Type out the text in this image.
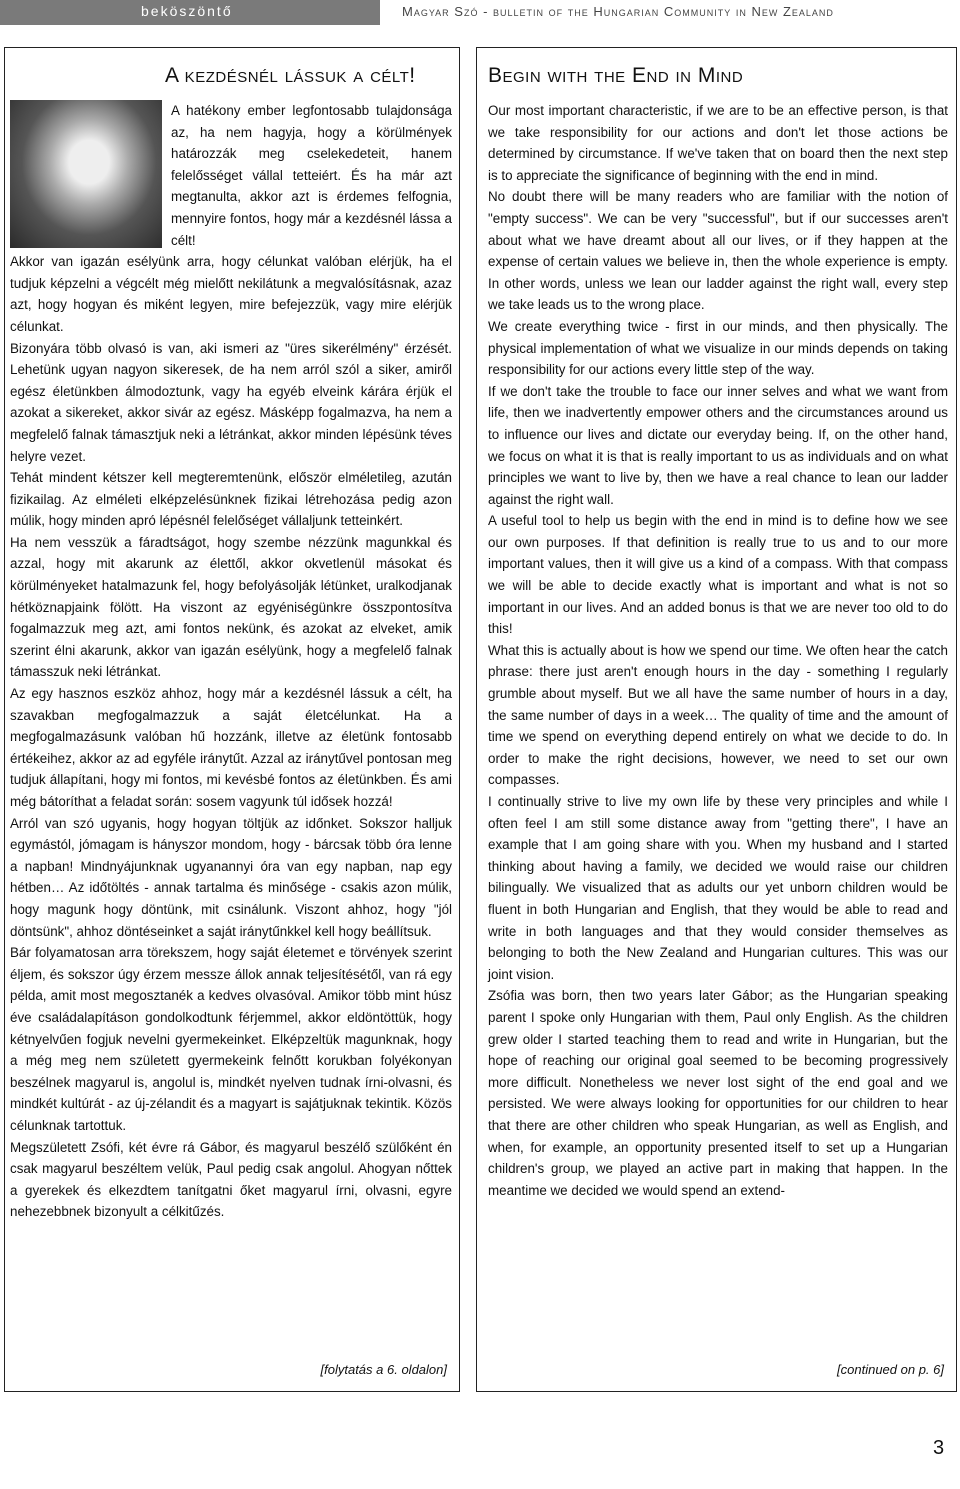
beköszöntő	Magyar Szó - bulletin of the Hungarian Community in New Zealand
A kezdésnél lássuk a célt!

A hatékony ember legfontosabb tulajdonsága az, ha nem hagyja, hogy a körülmények határozzák meg cselekedeteit, hanem felelősséget vállal tetteiért. És ha már azt megtanulta, akkor azt is érdemes felfognia, mennyire fontos, hogy már a kezdésnél lássa a célt!

Akkor van igazán esélyünk arra, hogy célunkat valóban elérjük, ha el tudjuk képzelni a végcélt még mielőtt nekilátunk a megvalósításnak, azaz azt, hogy hogyan és miként legyen, mire befejezzük, vagy mire elérjük célunkat.

Bizonyára több olvasó is van, aki ismeri az "üres sikerélmény" érzését. Lehetünk ugyan nagyon sikeresek, de ha nem arról szól a siker, amiről egész életünkben álmodoztunk, vagy ha egyéb elveink kárára érjük el azokat a sikereket, akkor sivár az egész. Másképp fogalmazva, ha nem a megfelelő falnak támasztjuk neki a létránkat, akkor minden lépésünk téves helyre vezet.

Tehát mindent kétszer kell megteremtenünk, először elméletileg, azután fizikailag. Az elméleti elképzelésünknek fizikai létrehozása pedig azon múlik, hogy minden apró lépésnél felelőséget vállaljunk tetteinkért.

Ha nem vesszük a fáradtságot, hogy szembe nézzünk magunkkal és azzal, hogy mit akarunk az élettől, akkor okvetlenül másokat és körülményeket hatalmazunk fel, hogy befolyásolják létünket, uralkodjanak hétköznapjaink fölött. Ha viszont az egyéniségünkre összpontosítva fogalmazzuk meg azt, ami fontos nekünk, és azokat az elveket, amik szerint élni akarunk, akkor van igazán esélyünk, hogy a megfelelő falnak támasszuk neki létránkat.

Az egy hasznos eszköz ahhoz, hogy már a kezdésnél lássuk a célt, ha szavakban megfogalmazzuk a saját életcélunkat. Ha a megfogalmazásunk valóban hű hozzánk, illetve az életünk fontosabb értékeihez, akkor az ad egyféle iránytűt. Azzal az iránytűvel pontosan meg tudjuk állapítani, hogy mi fontos, mi kevésbé fontos az életünkben. És ami még bátoríthat a feladat során: sosem vagyunk túl idősek hozzá!

Arról van szó ugyanis, hogy hogyan töltjük az időnket. Sokszor halljuk egymástól, jómagam is hányszor mondom, hogy - bárcsak több óra lenne a napban! Mindnyájunknak ugyanannyi óra van egy napban, nap egy hétben… Az időtöltés - annak tartalma és minősége - csakis azon múlik, hogy magunk hogy döntünk, mit csinálunk. Viszont ahhoz, hogy "jól döntsünk", ahhoz döntéseinket a saját iránytűnkkel kell hogy beállítsuk.

Bár folyamatosan arra törekszem, hogy saját életemet e törvények szerint éljem, és sokszor úgy érzem messze állok annak teljesítésétől, van rá egy példa, amit most megosztanék a kedves olvasóval. Amikor több mint húsz éve családalapításon gondolkodtunk férjemmel, akkor eldöntöttük, hogy kétnyelvűen fogjuk nevelni gyermekeinket. Elképzeltük magunknak, hogy a még meg nem született gyermekeink felnőtt korukban folyékonyan beszélnek magyarul is, angolul is, mindkét nyelven tudnak írni-olvasni, és mindkét kultúrát - az új-zélandit és a magyart is sajátjuknak tekintik. Közös célunknak tartottuk.

Megszületett Zsófi, két évre rá Gábor, és magyarul beszélő szülőként én csak magyarul beszéltem velük, Paul pedig csak angolul. Ahogyan nőttek a gyerekek és elkezdtem tanítgatni őket magyarul írni, olvasni, egyre nehezebbnek bizonyult a célkitűzés.

[folytatás a 6. oldalon]
Begin with the End in Mind

Our most important characteristic, if we are to be an effective person, is that we take responsibility for our actions and don't let those actions be determined by circumstance. If we've taken that on board then the next step is to appreciate the significance of beginning with the end in mind.

No doubt there will be many readers who are familiar with the notion of "empty success". We can be very "successful", but if our successes aren't about what we have dreamt about all our lives, or if they happen at the expense of certain values we believe in, then the whole experience is empty. In other words, unless we lean our ladder against the right wall, every step we take leads us to the wrong place.

We create everything twice - first in our minds, and then physically. The physical implementation of what we visualize in our minds depends on taking responsibility for our actions every little step of the way.

If we don't take the trouble to face our inner selves and what we want from life, then we inadvertently empower others and the circumstances around us to influence our lives and dictate our everyday being. If, on the other hand, we focus on what it is that is really important to us as individuals and on what principles we want to live by, then we have a real chance to lean our ladder against the right wall.

A useful tool to help us begin with the end in mind is to define how we see our own purposes. If that definition is really true to us and to our more important values, then it will give us a kind of a compass. With that compass we will be able to decide exactly what is important and what is not so important in our lives. And an added bonus is that we are never too old to do this!

What this is actually about is how we spend our time. We often hear the catch phrase: there just aren't enough hours in the day - something I regularly grumble about myself. But we all have the same number of hours in a day, the same number of days in a week… The quality of time and the amount of time we spend on everything depend entirely on what we decide to do. In order to make the right decisions, however, we need to set our own compasses.

I continually strive to live my own life by these very principles and while I often feel I am still some distance away from "getting there", I have an example that I am going share with you. When my husband and I started thinking about having a family, we decided we would raise our children bilingually. We visualized that as adults our yet unborn children would be fluent in both Hungarian and English, that they would be able to read and write in both languages and that they would consider themselves as belonging to both the New Zealand and Hungarian cultures. This was our joint vision.

Zsófia was born, then two years later Gábor; as the Hungarian speaking parent I spoke only Hungarian with them, Paul only English. As the children grew older I started teaching them to read and write in Hungarian, but the hope of reaching our original goal seemed to be becoming progressively more difficult. Nonetheless we never lost sight of the end goal and we persisted. We were always looking for opportunities for our children to hear that there are other children who speak Hungarian, as well as English, and when, for example, an opportunity presented itself to set up a Hungarian children's group, we played an active part in making that happen. In the meantime we decided we would spend an extend-

[continued on p. 6]
3
